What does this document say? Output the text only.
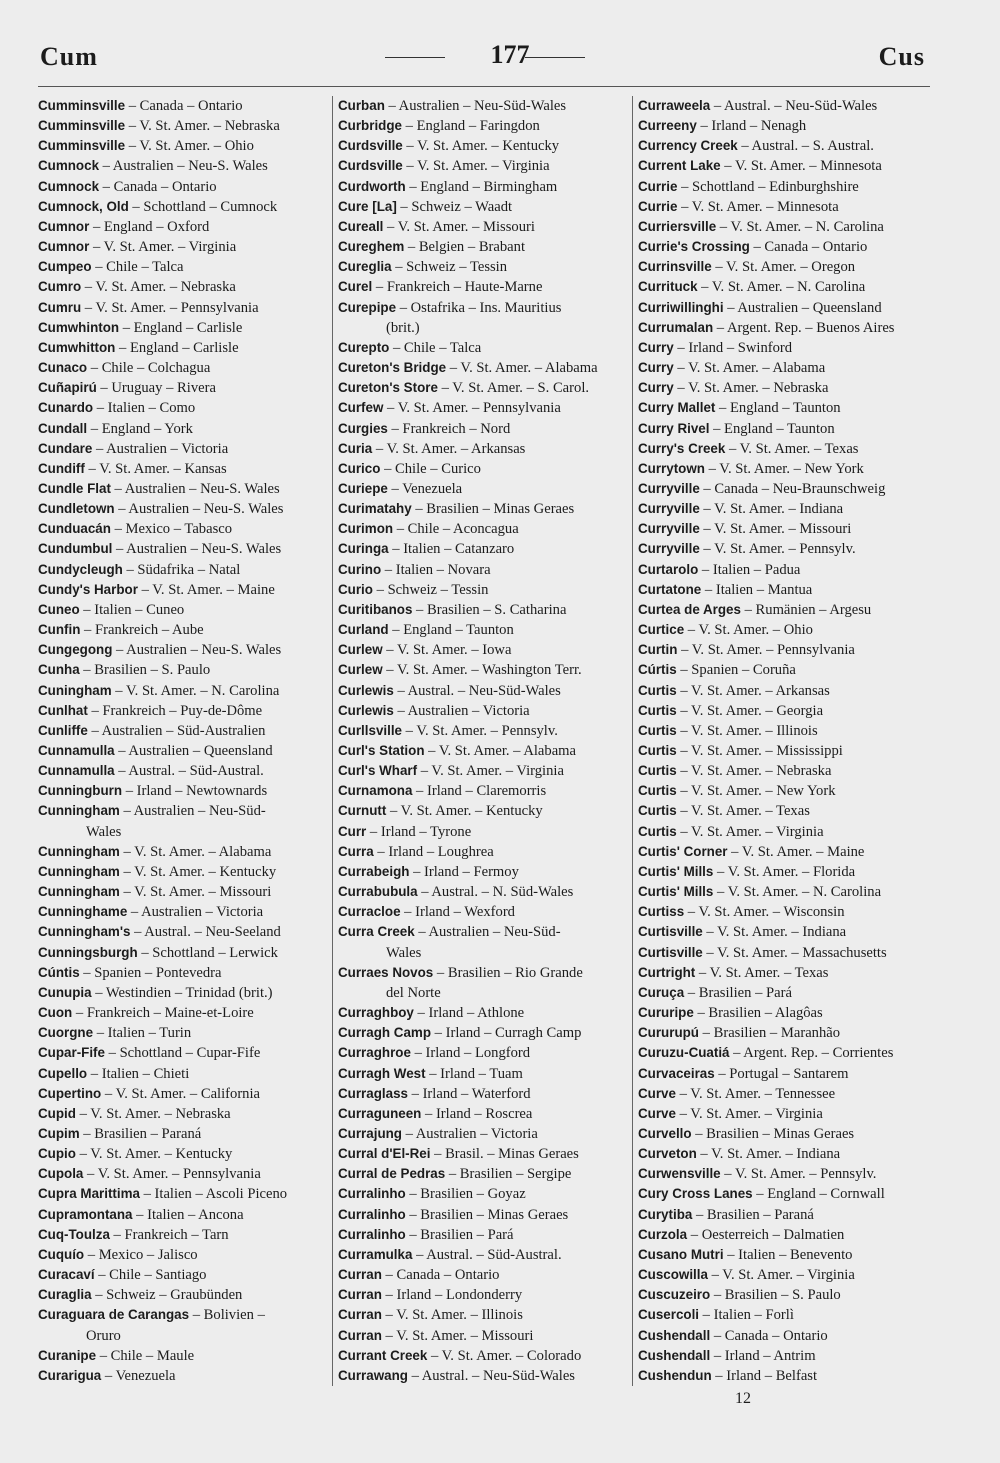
Cum	177	Cus
Cumminsville – Canada – Ontario
Cumminsville – V. St. Amer. – Nebraska
Cumminsville – V. St. Amer. – Ohio
Cumnock – Australien – Neu-S. Wales
Cumnock – Canada – Ontario
Cumnock, Old – Schottland – Cumnock
Cumnor – England – Oxford
Cumnor – V. St. Amer. – Virginia
Cumpeo – Chile – Talca
Cumro – V. St. Amer. – Nebraska
Cumru – V. St. Amer. – Pennsylvania
Cumwhinton – England – Carlisle
Cumwhitton – England – Carlisle
Cunaco – Chile – Colchagua
Cuñapirú – Uruguay – Rivera
Cunardo – Italien – Como
Cundall – England – York
Cundare – Australien – Victoria
Cundiff – V. St. Amer. – Kansas
Cundle Flat – Australien – Neu-S. Wales
Cundletown – Australien – Neu-S. Wales
Cunduacán – Mexico – Tabasco
Cundumbul – Australien – Neu-S. Wales
Cundycleugh – Südafrika – Natal
Cundy's Harbor – V. St. Amer. – Maine
Cuneo – Italien – Cuneo
Cunfin – Frankreich – Aube
Cungegong – Australien – Neu-S. Wales
Cunha – Brasilien – S. Paulo
Cuningham – V. St. Amer. – N. Carolina
Cunlhat – Frankreich – Puy-de-Dôme
Cunliffe – Australien – Süd-Australien
Cunnamulla – Australien – Queensland
Cunnamulla – Austral. – Süd-Austral.
Cunningburn – Irland – Newtownards
Cunningham – Australien – Neu-Süd-
Wales
Cunningham – V. St. Amer. – Alabama
Cunningham – V. St. Amer. – Kentucky
Cunningham – V. St. Amer. – Missouri
Cunninghame – Australien – Victoria
Cunningham's – Austral. – Neu-Seeland
Cunningsburgh – Schottland – Lerwick
Cúntis – Spanien – Pontevedra
Cunupia – Westindien – Trinidad (brit.)
Cuon – Frankreich – Maine-et-Loire
Cuorgne – Italien – Turin
Cupar-Fife – Schottland – Cupar-Fife
Cupello – Italien – Chieti
Cupertino – V. St. Amer. – California
Cupid – V. St. Amer. – Nebraska
Cupim – Brasilien – Paraná
Cupio – V. St. Amer. – Kentucky
Cupola – V. St. Amer. – Pennsylvania
Cupra Marittima – Italien – Ascoli Piceno
Cupramontana – Italien – Ancona
Cuq-Toulza – Frankreich – Tarn
Cuquío – Mexico – Jalisco
Curacaví – Chile – Santiago
Curaglia – Schweiz – Graubünden
Curaguara de Carangas – Bolivien –
Oruro
Curanipe – Chile – Maule
Curarigua – Venezuela
Curban – Australien – Neu-Süd-Wales
Curbridge – England – Faringdon
Curdsville – V. St. Amer. – Kentucky
Curdsville – V. St. Amer. – Virginia
Curdworth – England – Birmingham
Cure [La] – Schweiz – Waadt
Cureall – V. St. Amer. – Missouri
Cureghem – Belgien – Brabant
Cureglia – Schweiz – Tessin
Curel – Frankreich – Haute-Marne
Curepipe – Ostafrika – Ins. Mauritius
(brit.)
Curepto – Chile – Talca
Cureton's Bridge – V. St. Amer. – Alabama
Cureton's Store – V. St. Amer. – S. Carol.
Curfew – V. St. Amer. – Pennsylvania
Curgies – Frankreich – Nord
Curia – V. St. Amer. – Arkansas
Curico – Chile – Curico
Curiepe – Venezuela
Curimatahy – Brasilien – Minas Geraes
Curimon – Chile – Aconcagua
Curinga – Italien – Catanzaro
Curino – Italien – Novara
Curio – Schweiz – Tessin
Curitibanos – Brasilien – S. Catharina
Curland – England – Taunton
Curlew – V. St. Amer. – Iowa
Curlew – V. St. Amer. – Washington Terr.
Curlewis – Austral. – Neu-Süd-Wales
Curlewis – Australien – Victoria
Curllsville – V. St. Amer. – Pennsylv.
Curl's Station – V. St. Amer. – Alabama
Curl's Wharf – V. St. Amer. – Virginia
Curnamona – Irland – Claremorris
Curnutt – V. St. Amer. – Kentucky
Curr – Irland – Tyrone
Curra – Irland – Loughrea
Currabeigh – Irland – Fermoy
Currabubula – Austral. – N. Süd-Wales
Curracloe – Irland – Wexford
Curra Creek – Australien – Neu-Süd-
Wales
Curraes Novos – Brasilien – Rio Grande
del Norte
Curraghboy – Irland – Athlone
Curragh Camp – Irland – Curragh Camp
Curraghroe – Irland – Longford
Curragh West – Irland – Tuam
Curraglass – Irland – Waterford
Curraguneen – Irland – Roscrea
Currajung – Australien – Victoria
Curral d'El-Rei – Brasil. – Minas Geraes
Curral de Pedras – Brasilien – Sergipe
Curralinho – Brasilien – Goyaz
Curralinho – Brasilien – Minas Geraes
Curralinho – Brasilien – Pará
Curramulka – Austral. – Süd-Austral.
Curran – Canada – Ontario
Curran – Irland – Londonderry
Curran – V. St. Amer. – Illinois
Curran – V. St. Amer. – Missouri
Currant Creek – V. St. Amer. – Colorado
Currawang – Austral. – Neu-Süd-Wales
Curraweela – Austral. – Neu-Süd-Wales
Curreeny – Irland – Nenagh
Currency Creek – Austral. – S. Austral.
Current Lake – V. St. Amer. – Minnesota
Currie – Schottland – Edinburghshire
Currie – V. St. Amer. – Minnesota
Curriersville – V. St. Amer. – N. Carolina
Currie's Crossing – Canada – Ontario
Currinsville – V. St. Amer. – Oregon
Currituck – V. St. Amer. – N. Carolina
Curriwillinghi – Australien – Queensland
Currumalan – Argent. Rep. – Buenos Aires
Curry – Irland – Swinford
Curry – V. St. Amer. – Alabama
Curry – V. St. Amer. – Nebraska
Curry Mallet – England – Taunton
Curry Rivel – England – Taunton
Curry's Creek – V. St. Amer. – Texas
Currytown – V. St. Amer. – New York
Curryville – Canada – Neu-Braunschweig
Curryville – V. St. Amer. – Indiana
Curryville – V. St. Amer. – Missouri
Curryville – V. St. Amer. – Pennsylv.
Curtarolo – Italien – Padua
Curtatone – Italien – Mantua
Curtea de Arges – Rumänien – Argesu
Curtice – V. St. Amer. – Ohio
Curtin – V. St. Amer. – Pennsylvania
Cúrtis – Spanien – Coruña
Curtis – V. St. Amer. – Arkansas
Curtis – V. St. Amer. – Georgia
Curtis – V. St. Amer. – Illinois
Curtis – V. St. Amer. – Mississippi
Curtis – V. St. Amer. – Nebraska
Curtis – V. St. Amer. – New York
Curtis – V. St. Amer. – Texas
Curtis – V. St. Amer. – Virginia
Curtis' Corner – V. St. Amer. – Maine
Curtis' Mills – V. St. Amer. – Florida
Curtis' Mills – V. St. Amer. – N. Carolina
Curtiss – V. St. Amer. – Wisconsin
Curtisville – V. St. Amer. – Indiana
Curtisville – V. St. Amer. – Massachusetts
Curtright – V. St. Amer. – Texas
Curuça – Brasilien – Pará
Cururipe – Brasilien – Alagôas
Cururupú – Brasilien – Maranhão
Curuzu-Cuatiá – Argent. Rep. – Corrientes
Curvaceiras – Portugal – Santarem
Curve – V. St. Amer. – Tennessee
Curve – V. St. Amer. – Virginia
Curvello – Brasilien – Minas Geraes
Curveton – V. St. Amer. – Indiana
Curwensville – V. St. Amer. – Pennsylv.
Cury Cross Lanes – England – Cornwall
Curytiba – Brasilien – Paraná
Curzola – Oesterreich – Dalmatien
Cusano Mutri – Italien – Benevento
Cuscowilla – V. St. Amer. – Virginia
Cuscuzeiro – Brasilien – S. Paulo
Cusercoli – Italien – Forlì
Cushendall – Canada – Ontario
Cushendall – Irland – Antrim
Cushendun – Irland – Belfast
12
